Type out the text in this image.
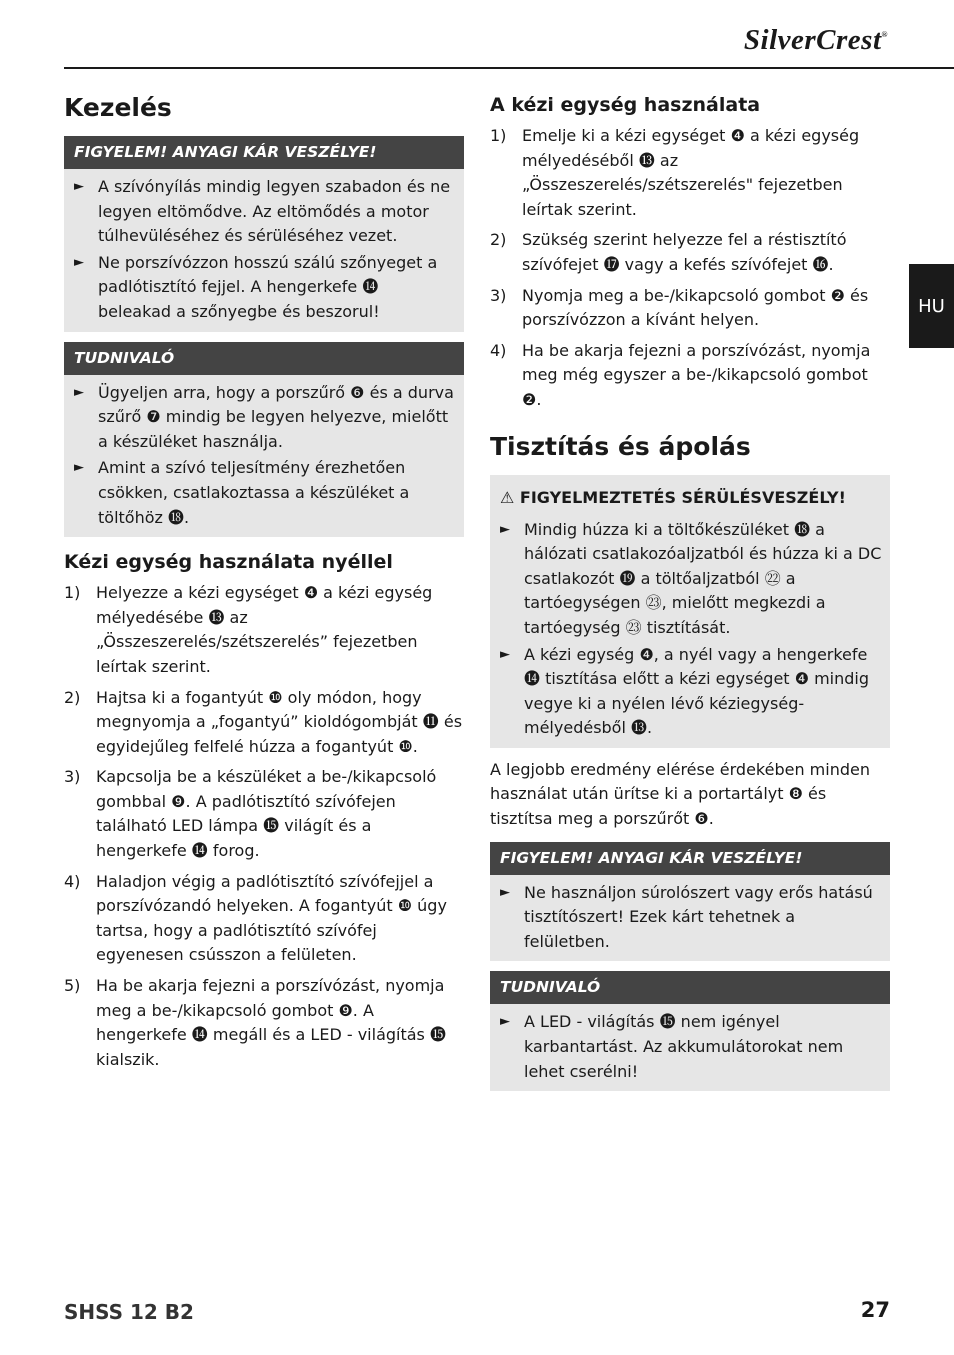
SilverCrest®
HU
Kezelés
FIGYELEM! ANYAGI KÁR VESZÉLYE!
► A szívónyílás mindig legyen szabadon és ne legyen eltömődve. Az eltömődés a motor túlhevüléséhez és sérüléséhez vezet.
► Ne porszívózzon hosszú szálú szőnyeget a padlótisztító fejjel. A hengerkefe ⓮ beleakad a szőnyegbe és beszorul!
TUDNIVALÓ
► Ügyeljen arra, hogy a porszűrő ❻ és a durva szűrő ❼ mindig be legyen helyezve, mielőtt a készüléket használja.
► Amint a szívó teljesítmény érezhetően csökken, csatlakoztassa a készüléket a töltőhöz ⓲.
Kézi egység használata nyéllel
1) Helyezze a kézi egységet ❹ a kézi egység mélyedésébe ⓭ az „Összeszerelés/szétszerelés” fejezetben leírtak szerint.
2) Hajtsa ki a fogantyút ❿ oly módon, hogy megnyomja a „fogantyú” kioldógombját ⓫ és egyidejűleg felfelé húzza a fogantyút ❿.
3) Kapcsolja be a készüléket a be-/kikapcsoló gombbal ❾. A padlótisztító szívófejen található LED lámpa ⓯ világít és a hengerkefe ⓮ forog.
4) Haladjon végig a padlótisztító szívófejjel a porszívózandó helyeken. A fogantyút ❿ úgy tartsa, hogy a padlótisztító szívófej egyenesen csússzon a felületen.
5) Ha be akarja fejezni a porszívózást, nyomja meg a be-/kikapcsoló gombot ❾. A hengerkefe ⓮ megáll és a LED - világítás ⓯ kialszik.
A kézi egység használata
1) Emelje ki a kézi egységet ❹ a kézi egység mélyedéséből ⓭ az „Összeszerelés/szétszerelés" fejezetben leírtak szerint.
2) Szükség szerint helyezze fel a réstisztító szívófejet ⓱ vagy a kefés szívófejet ⓰.
3) Nyomja meg a be-/kikapcsoló gombot ❷ és porszívózzon a kívánt helyen.
4) Ha be akarja fejezni a porszívózást, nyomja meg még egyszer a be-/kikapcsoló gombot ❷.
Tisztítás és ápolás
⚠ FIGYELMEZTETÉS SÉRÜLÉSVESZÉLY!
► Mindig húzza ki a töltőkészüléket ⓲ a hálózati csatlakozóaljzatból és húzza ki a DC csatlakozót ⓳ a töltőaljzatból ㉒ a tartóegységen ㉓, mielőtt megkezdi a tartóegység ㉓ tisztítását.
► A kézi egység ❹, a nyél vagy a hengerkefe ⓮ tisztítása előtt a kézi egységet ❹ mindig vegye ki a nyélen lévő kéziegység-mélyedésből ⓭.

A legjobb eredmény elérése érdekében minden használat után ürítse ki a portartályt ❽ és tisztítsa meg a porszűrőt ❻.

FIGYELEM! ANYAGI KÁR VESZÉLYE!
► Ne használjon súrolószert vagy erős hatású tisztítószert! Ezek kárt tehetnek a felületben.
TUDNIVALÓ
► A LED - világítás ⓯ nem igényel karbantartást. Az akkumulátorokat nem lehet cserélni!
SHSS 12 B2	27
